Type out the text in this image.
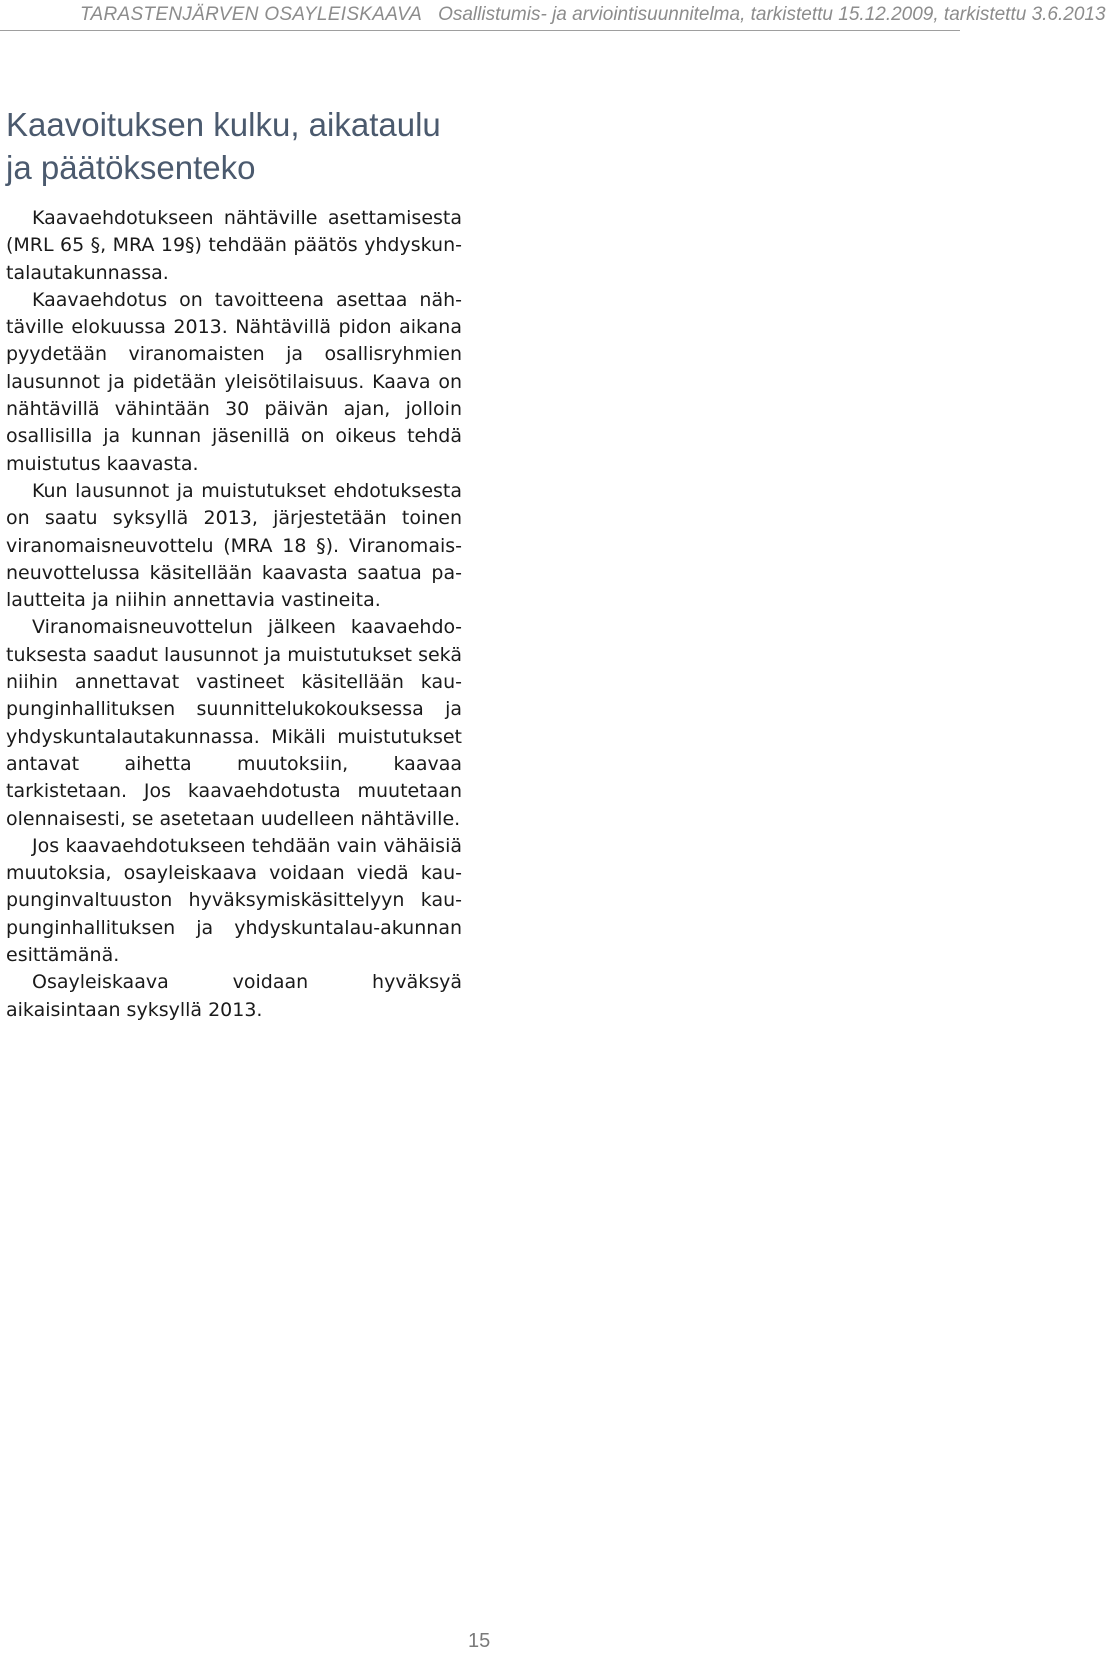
TARASTENJÄRVEN OSAYLEISKAAVA Osallistumis- ja arviointisuunnitelma, tarkistettu 15.12.2009, tarkistettu 3.6.2013
Kaavoituksen kulku, aikataulu ja päätöksenteko

Kaavaehdotukseen nähtäville asettamisesta (MRL 65 §, MRA 19§) tehdään päätös yhdyskuntalautakunnassa.

Kaavaehdotus on tavoitteena asettaa nähtäville elokuussa 2013. Nähtävillä pidon aikana pyydetään viranomaisten ja osallisryhmien lausunnot ja pidetään yleisötilaisuus. Kaava on nähtävillä vähintään 30 päivän ajan, jolloin osallisilla ja kunnan jäsenillä on oikeus tehdä muistutus kaavasta.

Kun lausunnot ja muistutukset ehdotuksesta on saatu syksyllä 2013, järjestetään toinen viranomaisneuvottelu (MRA 18 §). Viranomaisneuvottelussa käsitellään kaavasta saatua palautteita ja niihin annettavia vastineita.

Viranomaisneuvottelun jälkeen kaavaehdotuksesta saadut lausunnot ja muistutukset sekä niihin annettavat vastineet käsitellään kaupunginhallituksen suunnittelukokouksessa ja yhdyskuntalautakunnassa. Mikäli muistutukset antavat aihetta muutoksiin, kaavaa tarkistetaan. Jos kaavaehdotusta muutetaan olennaisesti, se asetetaan uudelleen nähtäville.

Jos kaavaehdotukseen tehdään vain vähäisiä muutoksia, osayleiskaava voidaan viedä kaupunginvaltuuston hyväksymiskäsittelyyn kaupunginhallituksen ja yhdyskuntalau-akunnan esittämänä.

Osayleiskaava voidaan hyväksyä aikaisintaan syksyllä 2013.

15
